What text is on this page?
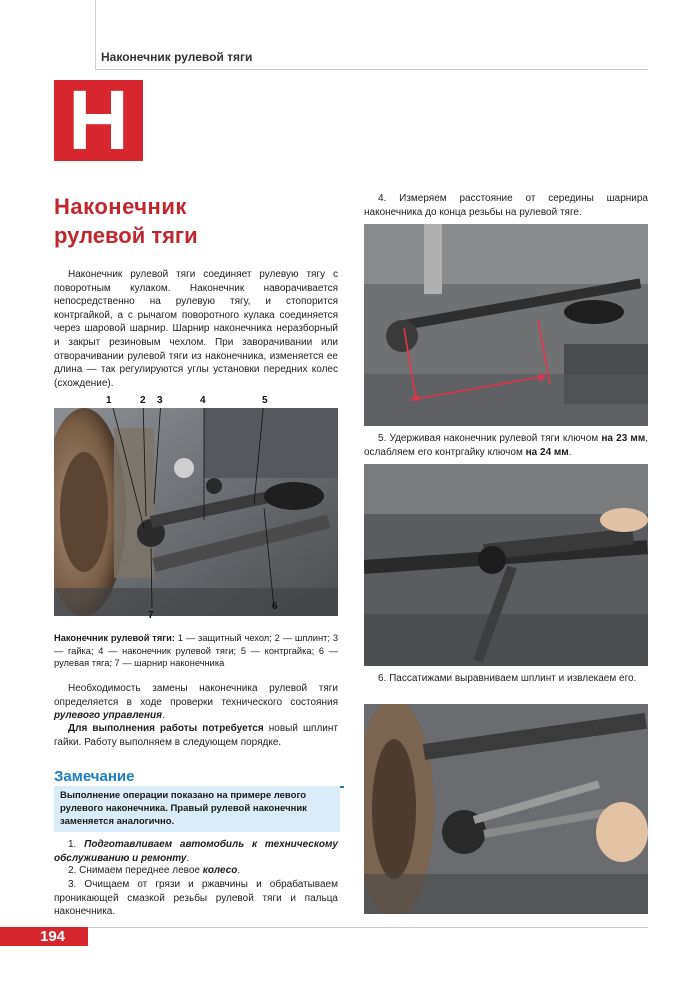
Наконечник рулевой тяги
Н
Наконечник
рулевой тяги
Наконечник рулевой тяги соединяет рулевую тягу с поворотным кулаком. Наконечник наворачивается непосредственно на рулевую тягу, и стопорится контргайкой, а с рычагом поворотного кулака соединяется через шаровой шарнир. Шарнир наконечника неразборный и закрыт резиновым чехлом. При заворачивании или отворачивании рулевой тяги из наконечника, изменяется ее длина — так регулируются углы установки передних колес (схождение).
1	2 3	4	5
6
7
Наконечник рулевой тяги: 1 — защитный чехол; 2 — шплинт; 3 — гайка; 4 — наконечник рулевой тяги; 5 — контргайка; 6 — рулевая тяга; 7 — шарнир наконечника
Необходимость замены наконечника рулевой тяги определяется в ходе проверки технического состояния рулевого управления.
Для выполнения работы потребуется новый шплинт гайки. Работу выполняем в следующем порядке.
Замечание
Выполнение операции показано на примере левого рулевого наконечника. Правый рулевой наконечник заменяется аналогично.
1. Подготавливаем автомобиль к техническому обслуживанию и ремонту.
2. Снимаем переднее левое колесо.
3. Очищаем от грязи и ржавчины и обрабатываем проникающей смазкой резьбы рулевой тяги и пальца наконечника.
4. Измеряем расстояние от середины шарнира наконечника до конца резьбы на рулевой тяге.
5. Удерживая наконечник рулевой тяги ключом на 23 мм, ослабляем его контргайку ключом на 24 мм.
6. Пассатижами выравниваем шплинт и извлекаем его.
194
